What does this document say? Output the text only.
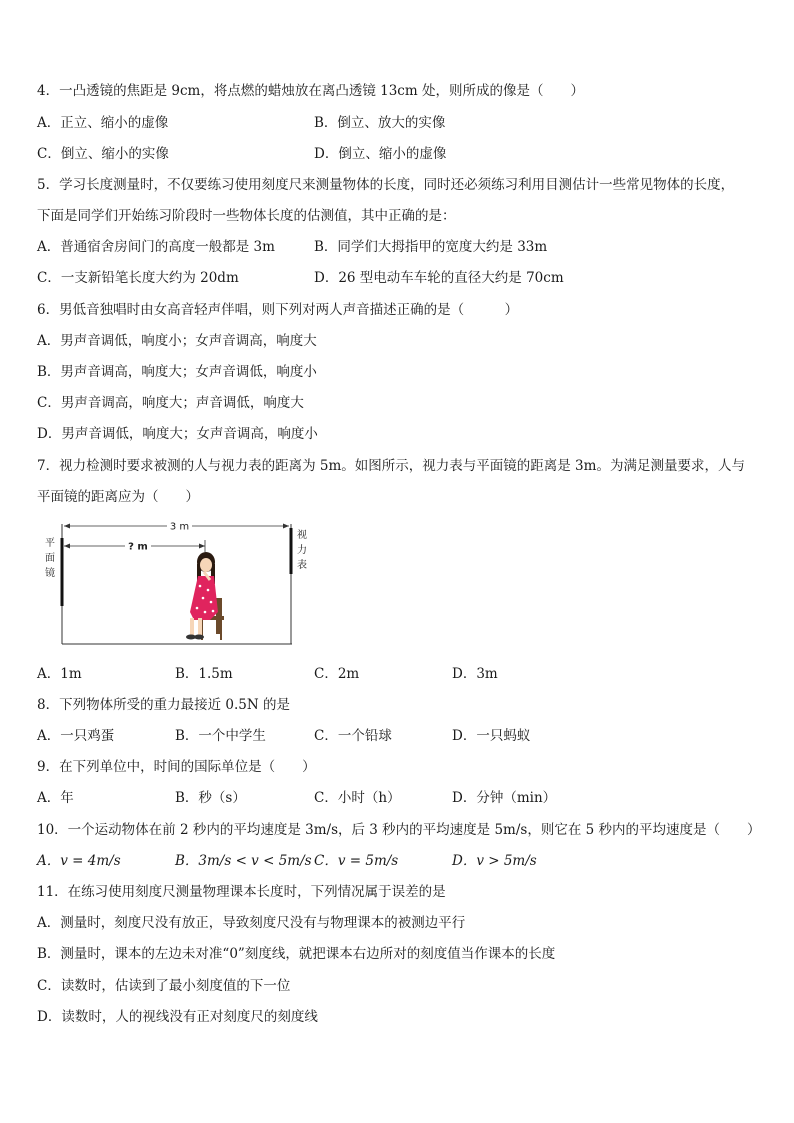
4．一凸透镜的焦距是 9cm，将点燃的蜡烛放在离凸透镜 13cm 处，则所成的像是（　　）
A．正立、缩小的虚像	B．倒立、放大的实像
C．倒立、缩小的实像	D．倒立、缩小的虚像
5．学习长度测量时，不仅要练习使用刻度尺来测量物体的长度，同时还必须练习利用目测估计一些常见物体的长度，
下面是同学们开始练习阶段时一些物体长度的估测值，其中正确的是：
A．普通宿舍房间门的高度一般都是 3m	B．同学们大拇指甲的宽度大约是 33m
C．一支新铅笔长度大约为 20dm	D．26 型电动车车轮的直径大约是 70cm
6．男低音独唱时由女高音轻声伴唱，则下列对两人声音描述正确的是（　　　）
A．男声音调低，响度小；女声音调高，响度大
B．男声音调高，响度大；女声音调低，响度小
C．男声音调高，响度大；声音调低，响度大
D．男声音调低，响度大；女声音调高，响度小
7．视力检测时要求被测的人与视力表的距离为 5m。如图所示，视力表与平面镜的距离是 3m。为满足测量要求，人与
平面镜的距离应为（　　）
3 m
? m
平
面
镜
视
力
表
A．1m	B．1.5m	C．2m	D．3m
8．下列物体所受的重力最接近 0.5N 的是
A．一只鸡蛋	B．一个中学生	C．一个铅球	D．一只蚂蚁
9．在下列单位中，时间的国际单位是（　　）
A．年	B．秒（s）	C．小时（h）	D．分钟（min）
10．一个运动物体在前 2 秒内的平均速度是 3m/s，后 3 秒内的平均速度是 5m/s，则它在 5 秒内的平均速度是（　　）
A．v = 4m/s	B．3m/s < v < 5m/s C．v = 5m/s	D．v > 5m/s
11．在练习使用刻度尺测量物理课本长度时，下列情况属于误差的是
A．测量时，刻度尺没有放正，导致刻度尺没有与物理课本的被测边平行
B．测量时，课本的左边未对准“0”刻度线，就把课本右边所对的刻度值当作课本的长度
C．读数时，估读到了最小刻度值的下一位
D．读数时，人的视线没有正对刻度尺的刻度线
